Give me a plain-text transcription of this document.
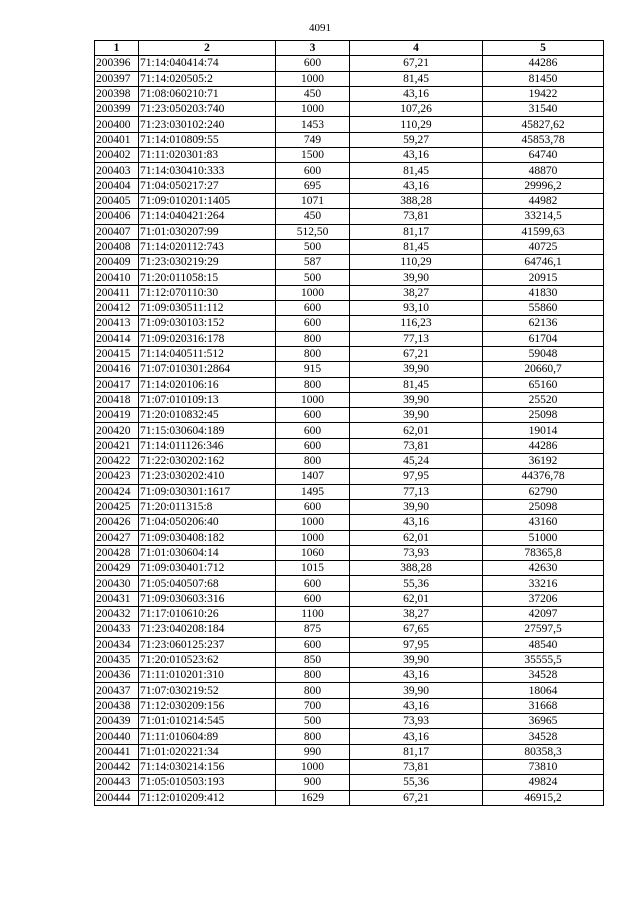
4091
1	2	3	4	5
200396	71:14:040414:74	600	67,21	44286
200397	71:14:020505:2	1000	81,45	81450
200398	71:08:060210:71	450	43,16	19422
200399	71:23:050203:740	1000	107,26	31540
200400	71:23:030102:240	1453	110,29	45827,62
200401	71:14:010809:55	749	59,27	45853,78
200402	71:11:020301:83	1500	43,16	64740
200403	71:14:030410:333	600	81,45	48870
200404	71:04:050217:27	695	43,16	29996,2
200405	71:09:010201:1405	1071	388,28	44982
200406	71:14:040421:264	450	73,81	33214,5
200407	71:01:030207:99	512,50	81,17	41599,63
200408	71:14:020112:743	500	81,45	40725
200409	71:23:030219:29	587	110,29	64746,1
200410	71:20:011058:15	500	39,90	20915
200411	71:12:070110:30	1000	38,27	41830
200412	71:09:030511:112	600	93,10	55860
200413	71:09:030103:152	600	116,23	62136
200414	71:09:020316:178	800	77,13	61704
200415	71:14:040511:512	800	67,21	59048
200416	71:07:010301:2864	915	39,90	20660,7
200417	71:14:020106:16	800	81,45	65160
200418	71:07:010109:13	1000	39,90	25520
200419	71:20:010832:45	600	39,90	25098
200420	71:15:030604:189	600	62,01	19014
200421	71:14:011126:346	600	73,81	44286
200422	71:22:030202:162	800	45,24	36192
200423	71:23:030202:410	1407	97,95	44376,78
200424	71:09:030301:1617	1495	77,13	62790
200425	71:20:011315:8	600	39,90	25098
200426	71:04:050206:40	1000	43,16	43160
200427	71:09:030408:182	1000	62,01	51000
200428	71:01:030604:14	1060	73,93	78365,8
200429	71:09:030401:712	1015	388,28	42630
200430	71:05:040507:68	600	55,36	33216
200431	71:09:030603:316	600	62,01	37206
200432	71:17:010610:26	1100	38,27	42097
200433	71:23:040208:184	875	67,65	27597,5
200434	71:23:060125:237	600	97,95	48540
200435	71:20:010523:62	850	39,90	35555,5
200436	71:11:010201:310	800	43,16	34528
200437	71:07:030219:52	800	39,90	18064
200438	71:12:030209:156	700	43,16	31668
200439	71:01:010214:545	500	73,93	36965
200440	71:11:010604:89	800	43,16	34528
200441	71:01:020221:34	990	81,17	80358,3
200442	71:14:030214:156	1000	73,81	73810
200443	71:05:010503:193	900	55,36	49824
200444	71:12:010209:412	1629	67,21	46915,2
